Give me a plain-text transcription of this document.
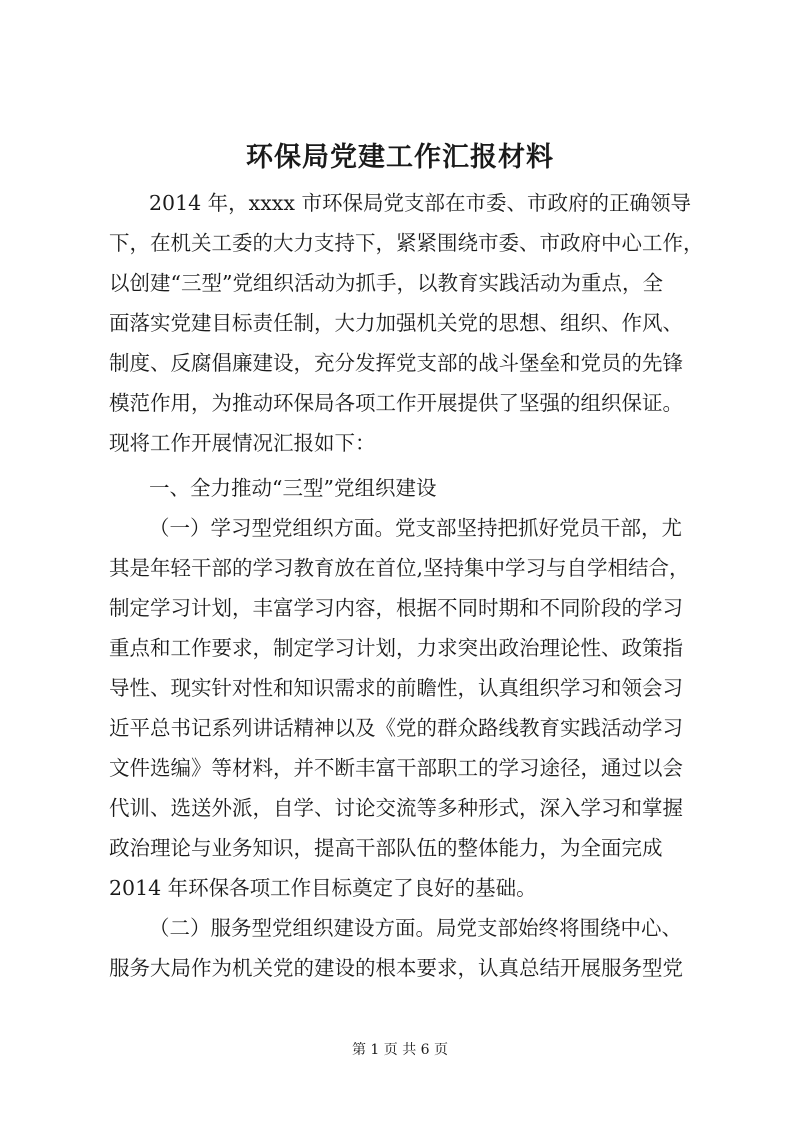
环保局党建工作汇报材料
2014 年，xxxx 市环保局党支部在市委、市政府的正确领导
下，在机关工委的大力支持下，紧紧围绕市委、市政府中心工作，
以创建“三型”党组织活动为抓手，以教育实践活动为重点，全
面落实党建目标责任制，大力加强机关党的思想、组织、作风、
制度、反腐倡廉建设，充分发挥党支部的战斗堡垒和党员的先锋
模范作用，为推动环保局各项工作开展提供了坚强的组织保证。
现将工作开展情况汇报如下：
一、全力推动“三型”党组织建设
（一）学习型党组织方面。党支部坚持把抓好党员干部，尤
其是年轻干部的学习教育放在首位,坚持集中学习与自学相结合，
制定学习计划，丰富学习内容，根据不同时期和不同阶段的学习
重点和工作要求，制定学习计划，力求突出政治理论性、政策指
导性、现实针对性和知识需求的前瞻性，认真组织学习和领会习
近平总书记系列讲话精神以及《党的群众路线教育实践活动学习
文件选编》等材料，并不断丰富干部职工的学习途径，通过以会
代训、选送外派，自学、讨论交流等多种形式，深入学习和掌握
政治理论与业务知识，提高干部队伍的整体能力，为全面完成
2014 年环保各项工作目标奠定了良好的基础。
（二）服务型党组织建设方面。局党支部始终将围绕中心、
服务大局作为机关党的建设的根本要求，认真总结开展服务型党
第 1 页 共 6 页
